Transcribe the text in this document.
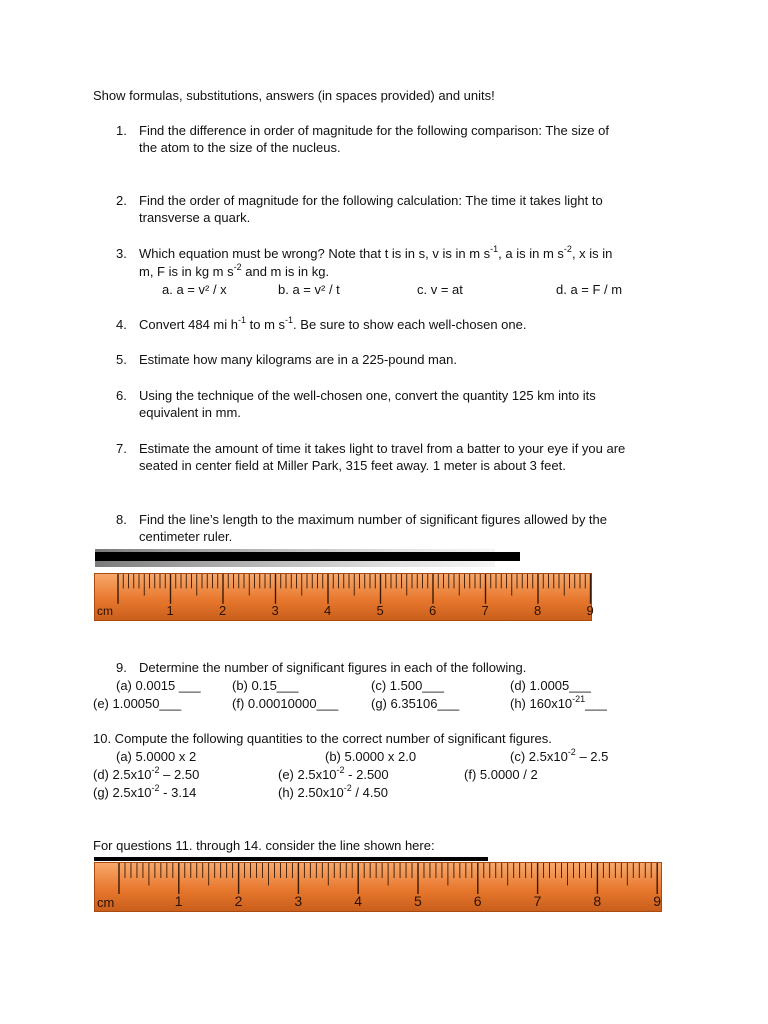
Show formulas, substitutions, answers (in spaces provided) and units!
1. Find the difference in order of magnitude for the following comparison: The size of
the atom to the size of the nucleus.
2. Find the order of magnitude for the following calculation: The time it takes light to
transverse a quark.
3. Which equation must be wrong? Note that t is in s, v is in m $s^{-1}$, a is in m $s^{-2}$, x is in
m, F is in kg m $s^{-2}$ and m is in kg.
a. a = v² / x	b. a = v² / t	c. v = at	d. a = F / m
4. Convert 484 mi $h^{-1}$ to m $s^{-1}$. Be sure to show each well-chosen one.
5. Estimate how many kilograms are in a 225-pound man.
6. Using the technique of the well-chosen one, convert the quantity 125 km into its
equivalent in mm.
7. Estimate the amount of time it takes light to travel from a batter to your eye if you are
seated in center field at Miller Park, 315 feet away. 1 meter is about 3 feet.
8. Find the line’s length to the maximum number of significant figures allowed by the
centimeter ruler.
cm	1	2	3	4	5	6	7	8	9
9. Determine the number of significant figures in each of the following.
(a) 0.0015 ___ (b) 0.15___	(c) 1.500___	(d) 1.0005___
(e) 1.00050___	(f) 0.00010000___	(g) 6.35106___	(h) $160x10^{-21}\_\_\_$
10. Compute the following quantities to the correct number of significant figures.
(a) 5.0000 x 2	(b) 5.0000 x 2.0	(c) $2.5x10^{-2} - 2.5$
(d) $2.5x10^{-2} - 2.50$	(e) $2.5x10^{-2} - 2.500$	(f) 5.0000 / 2
(g) $2.5x10^{-2} - 3.14$	(h) $2.50x10^{-2} / 4.50$
For questions 11. through 14. consider the line shown here:
cm	1	2	3	4	5	6	7	8	9
